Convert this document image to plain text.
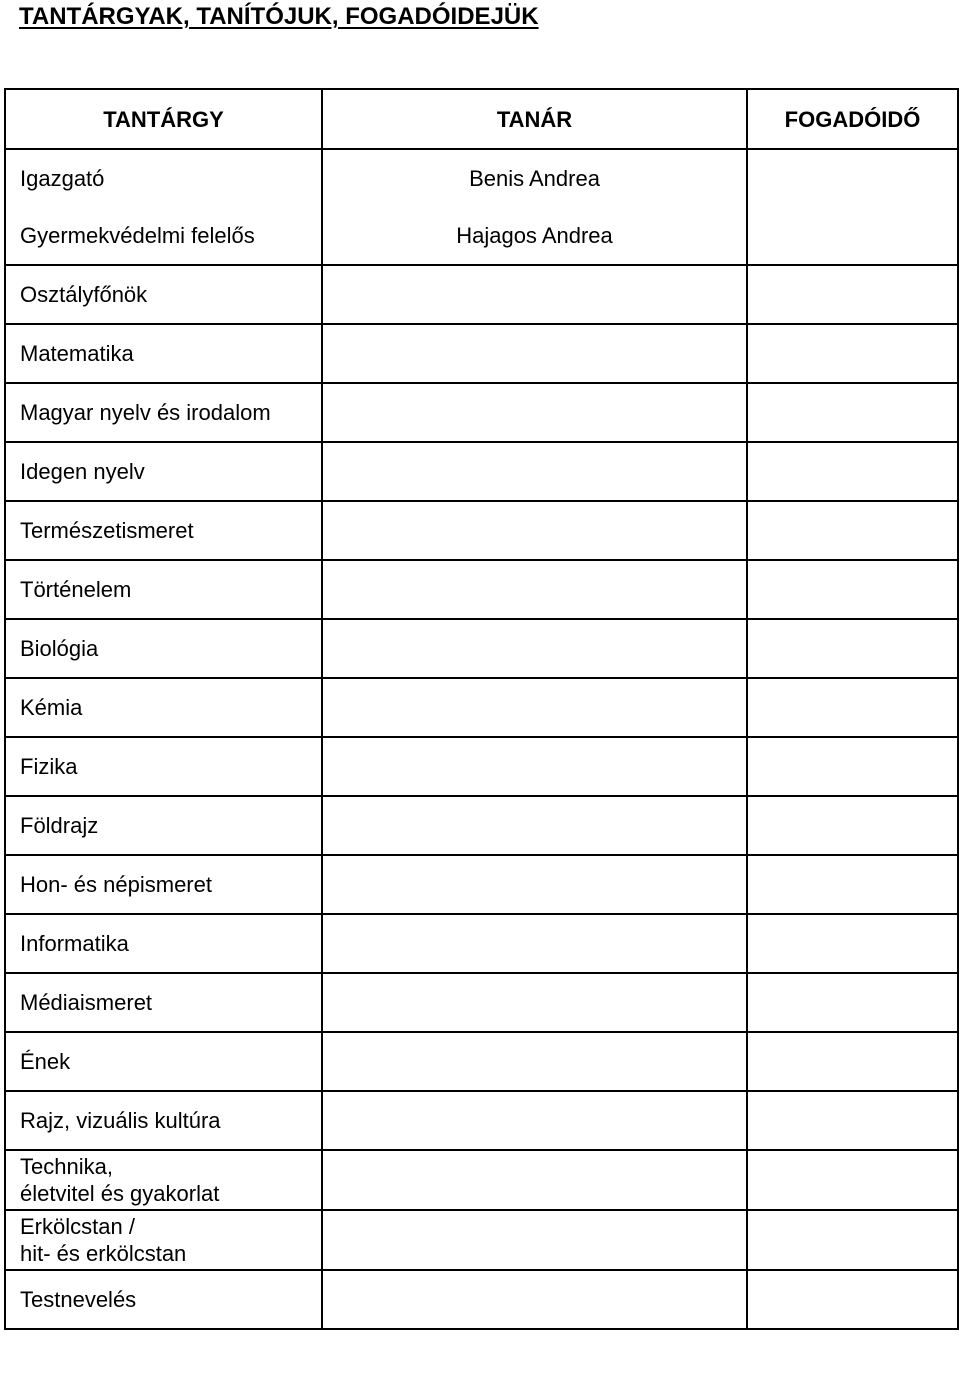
TANTÁRGYAK, TANÍTÓJUK, FOGADÓIDEJÜK
TANTÁRGY	TANÁR	FOGADÓIDŐ
Igazgató	Benis Andrea	
Gyermekvédelmi felelős	Hajagos Andrea	
Osztályfőnök		
Matematika		
Magyar nyelv és irodalom		
Idegen nyelv		
Természetismeret		
Történelem		
Biológia		
Kémia		
Fizika		
Földrajz		
Hon- és népismeret		
Informatika		
Médiaismeret		
Ének		
Rajz, vizuális kultúra		

Technika,
életvitel és gyakorlat		

Erkölcstan /
hit- és erkölcstan		

Testnevelés		
